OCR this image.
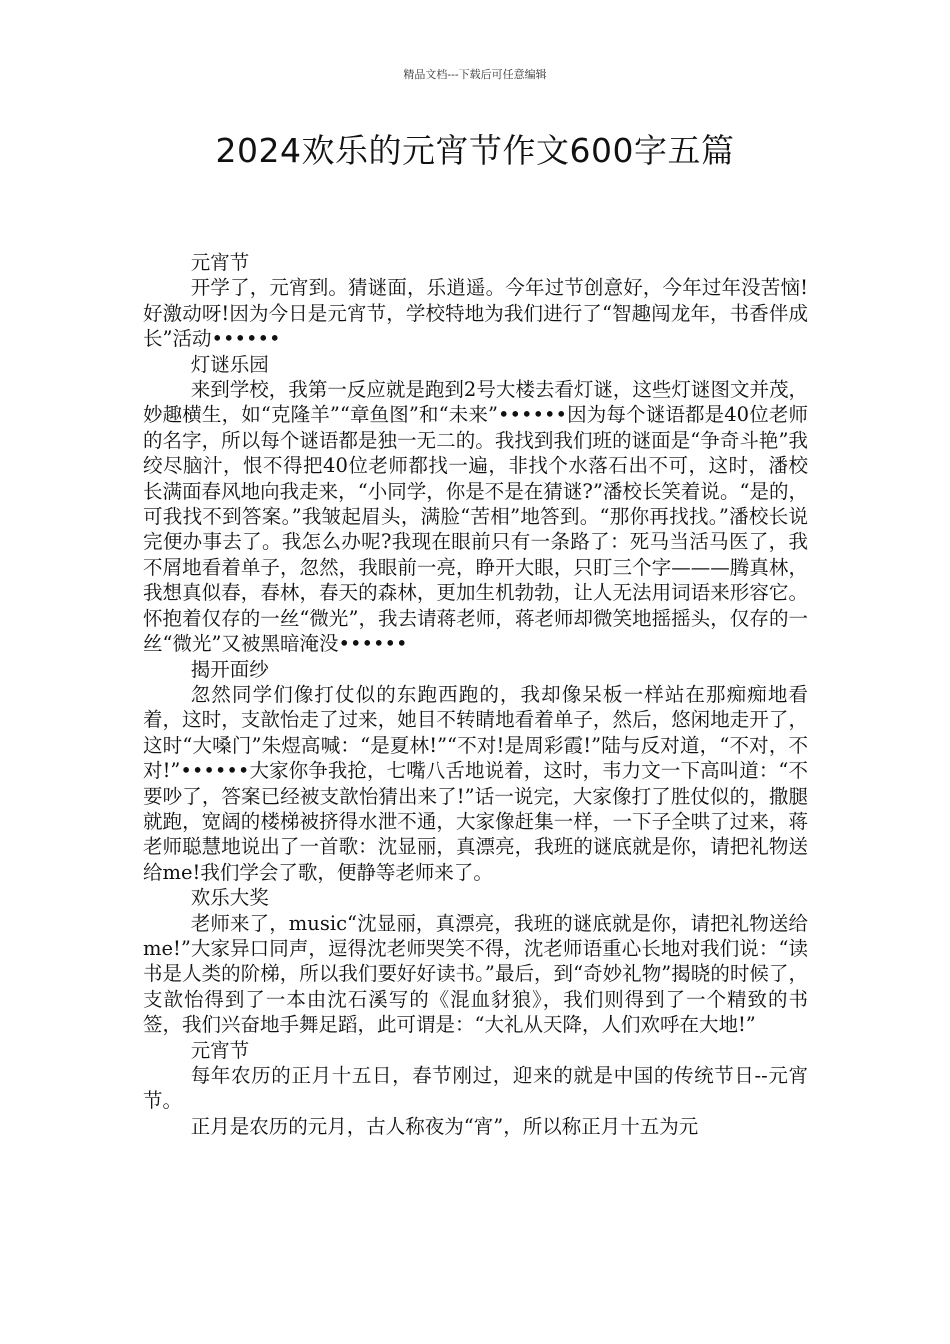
精品文档---下载后可任意编辑
2024欢乐的元宵节作文600字五篇

元宵节

开学了，元宵到。猜谜面，乐逍遥。今年过节创意好，今年过年没苦恼!好激动呀!因为今日是元宵节，学校特地为我们进行了“智趣闯龙年，书香伴成长”活动••••••

灯谜乐园

来到学校，我第一反应就是跑到2号大楼去看灯谜，这些灯谜图文并茂，妙趣横生，如“克隆羊”“章鱼图”和“未来”••••••因为每个谜语都是40位老师的名字，所以每个谜语都是独一无二的。我找到我们班的谜面是“争奇斗艳”我绞尽脑汁，恨不得把40位老师都找一遍，非找个水落石出不可，这时，潘校长满面春风地向我走来，“小同学，你是不是在猜谜?”潘校长笑着说。“是的，可我找不到答案。”我皱起眉头，满脸“苦相”地答到。“那你再找找。”潘校长说完便办事去了。我怎么办呢?我现在眼前只有一条路了：死马当活马医了，我不屑地看着单子，忽然，我眼前一亮，睁开大眼，只盯三个字———腾真林，我想真似春，春林，春天的森林，更加生机勃勃，让人无法用词语来形容它。怀抱着仅存的一丝“微光”，我去请蒋老师，蒋老师却微笑地摇摇头，仅存的一丝“微光”又被黑暗淹没••••••

揭开面纱

忽然同学们像打仗似的东跑西跑的，我却像呆板一样站在那痴痴地看着，这时，支歆怡走了过来，她目不转睛地看着单子，然后，悠闲地走开了，这时“大嗓门”朱煜高喊：“是夏林!”“不对!是周彩霞!”陆与反对道，“不对，不对!”••••••大家你争我抢，七嘴八舌地说着，这时，韦力文一下高叫道：“不要吵了，答案已经被支歆怡猜出来了!”话一说完，大家像打了胜仗似的，撒腿就跑，宽阔的楼梯被挤得水泄不通，大家像赶集一样，一下子全哄了过来，蒋老师聪慧地说出了一首歌：沈显丽，真漂亮，我班的谜底就是你，请把礼物送给me!我们学会了歌，便静等老师来了。

欢乐大奖

老师来了，music“沈显丽，真漂亮，我班的谜底就是你，请把礼物送给me!”大家异口同声，逗得沈老师哭笑不得，沈老师语重心长地对我们说：“读书是人类的阶梯，所以我们要好好读书。”最后，到“奇妙礼物”揭晓的时候了，支歆怡得到了一本由沈石溪写的《混血豺狼》，我们则得到了一个精致的书签，我们兴奋地手舞足蹈，此可谓是：“大礼从天降，人们欢呼在大地!”

元宵节

每年农历的正月十五日，春节刚过，迎来的就是中国的传统节日--元宵节。

正月是农历的元月，古人称夜为“宵”，所以称正月十五为元
